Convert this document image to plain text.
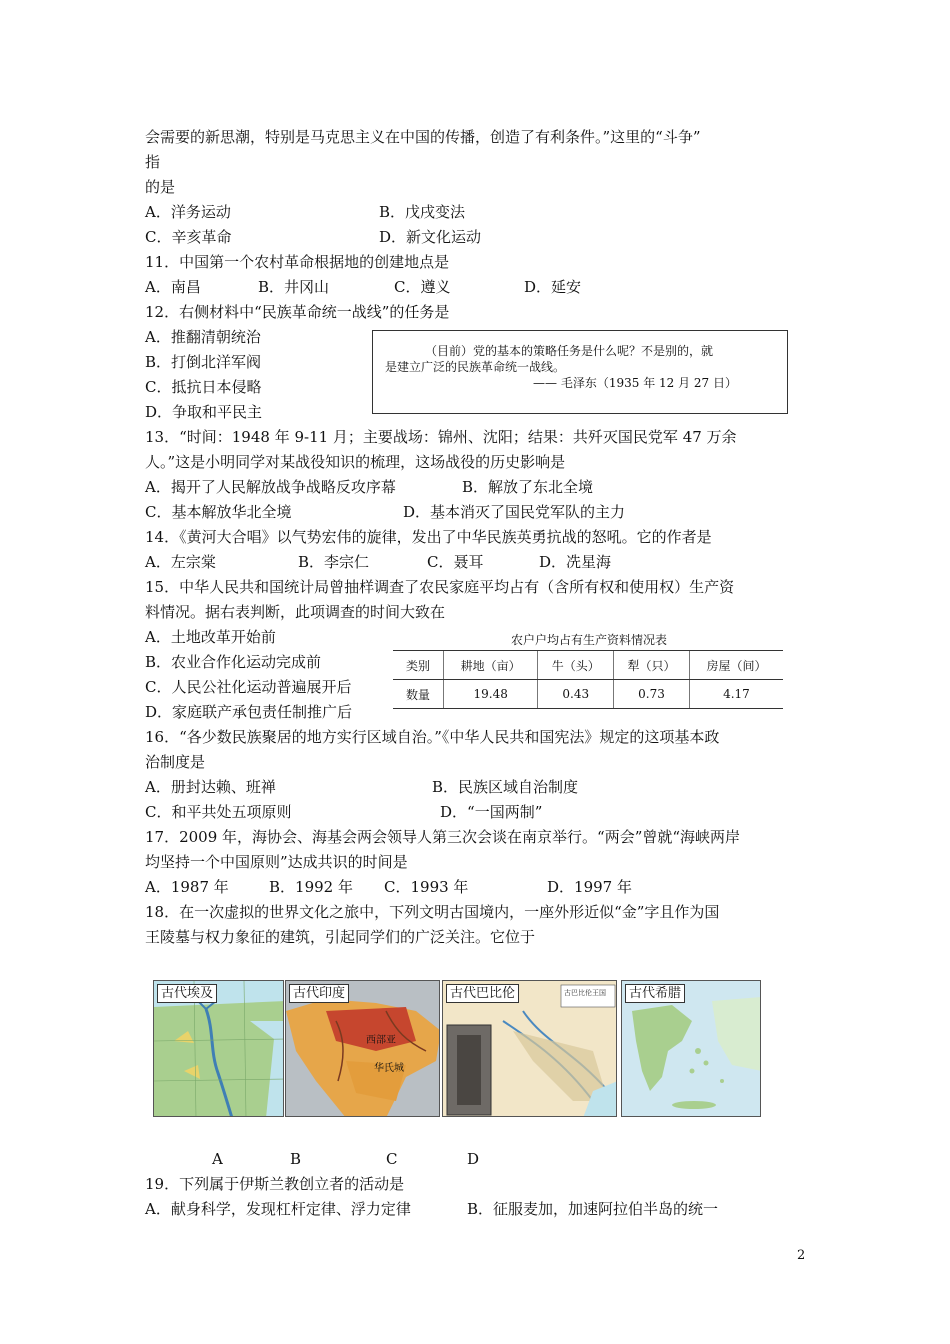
会需要的新思潮，特别是马克思主义在中国的传播，创造了有利条件。”这里的“斗争”
指
的是
A．洋务运动	B．戊戌变法
C．辛亥革命	D．新文化运动
11．中国第一个农村革命根据地的创建地点是
A．南昌	B．井冈山	C．遵义	D．延安
12．右侧材料中“民族革命统一战线”的任务是
A．推翻清朝统治
B．打倒北洋军阀
C．抵抗日本侵略
D．争取和平民主
（目前）党的基本的策略任务是什么呢？不是别的，就
是建立广泛的民族革命统一战线。
—— 毛泽东（1935 年 12 月 27 日）
13．“时间：1948 年 9-11 月；主要战场：锦州、沈阳；结果：共歼灭国民党军 47 万余
人。”这是小明同学对某战役知识的梳理，这场战役的历史影响是
A．揭开了人民解放战争战略反攻序幕	B．解放了东北全境
C．基本解放华北全境	D．基本消灭了国民党军队的主力
14．《黄河大合唱》以气势宏伟的旋律，发出了中华民族英勇抗战的怒吼。它的作者是
A．左宗棠	B．李宗仁	C．聂耳	D．冼星海
15．中华人民共和国统计局曾抽样调查了农民家庭平均占有（含所有权和使用权）生产资
料情况。据右表判断，此项调查的时间大致在
A．土地改革开始前
B．农业合作化运动完成前
C．人民公社化运动普遍展开后
D．家庭联产承包责任制推广后
农户户均占有生产资料情况表
类别	耕地（亩）	牛（头）	犁（只）	房屋（间）
数量	19.48	0.43	0.73	4.17
16．“各少数民族聚居的地方实行区域自治。”《中华人民共和国宪法》规定的这项基本政
治制度是
A．册封达赖、班禅	B．民族区域自治制度
C．和平共处五项原则	D．“一国两制”
17．2009 年，海协会、海基会两会领导人第三次会谈在南京举行。“两会”曾就“海峡两岸
均坚持一个中国原则”达成共识的时间是
A．1987 年	B．1992 年 C．1993 年	D．1997 年
18．在一次虚拟的世界文化之旅中，下列文明古国境内，一座外形近似“金”字且作为国
王陵墓与权力象征的建筑，引起同学们的广泛关注。它位于
古代埃及	古代印度
西部亚
华氏城
古代巴比伦	古巴比伦王国	古代希腊
A	B	C	D
19．下列属于伊斯兰教创立者的活动是
A．献身科学，发现杠杆定律、浮力定律	B．征服麦加，加速阿拉伯半岛的统一
2
